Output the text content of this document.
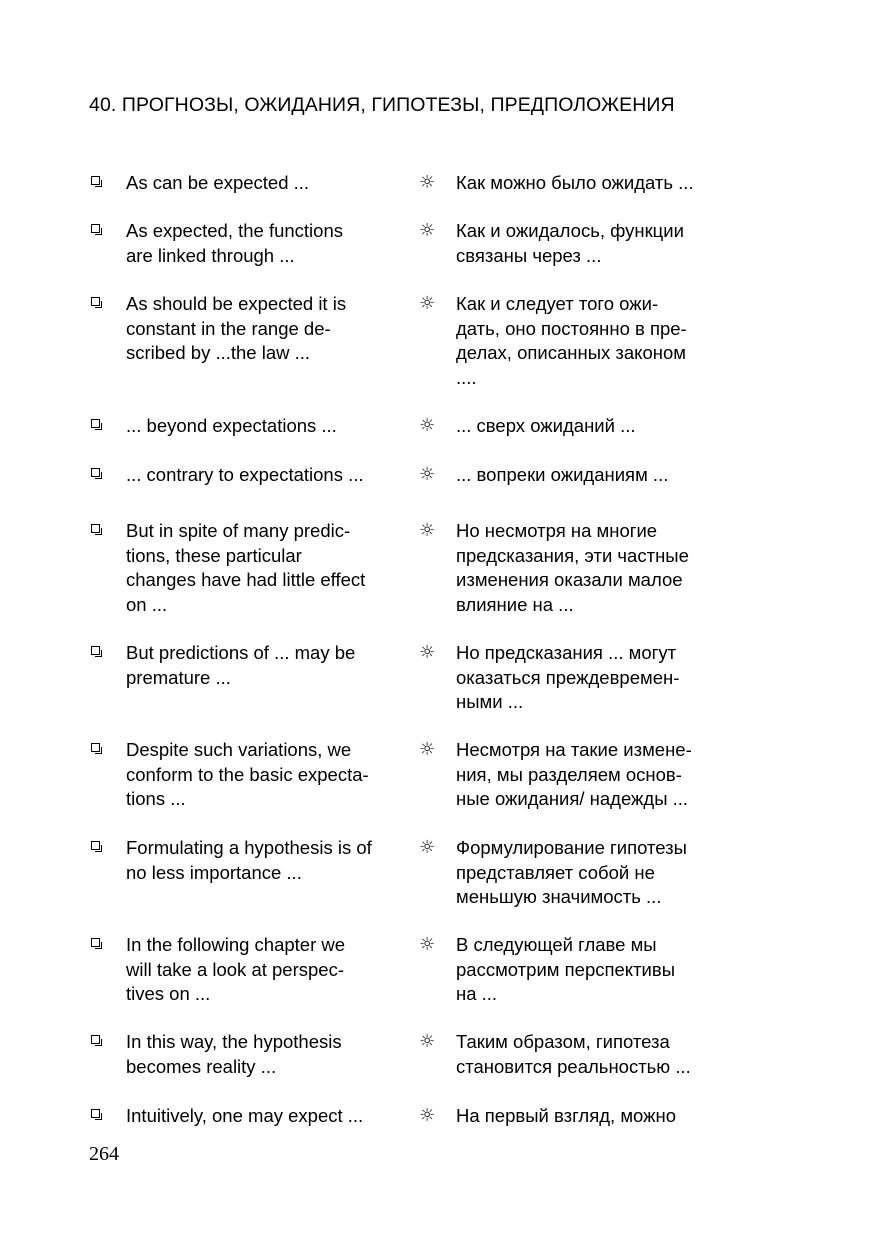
40. ПРОГНОЗЫ, ОЖИДАНИЯ, ГИПОТЕЗЫ, ПРЕДПОЛОЖЕНИЯ
As can be expected ...	☼ Как можно было ожидать ...
As expected, the functions
are linked through ...
☼ Как и ожидалось, функции
связаны через ...
As should be expected it is
constant in the range de-
scribed by ...the law ...
☼ Как и следует того ожи-
дать, оно постоянно в пре-
делах, описанных законом
....
... beyond expectations ...	☼ ... сверх ожиданий ...
... contrary to expectations ...	☼ ... вопреки ожиданиям ...
But in spite of many predic-
tions, these particular
changes have had little effect
on ...
☼ Но несмотря на многие
предсказания, эти частные
изменения оказали малое
влияние на ...
But predictions of ... may be
premature ...
☼ Но предсказания ... могут
оказаться преждевремен-
ными ...
Despite such variations, we
conform to the basic expecta-
tions ...
☼ Несмотря на такие измене-
ния, мы разделяем основ-
ные ожидания/ надежды ...
Formulating a hypothesis is of
no less importance ...
☼ Формулирование гипотезы
представляет собой не
меньшую значимость ...
In the following chapter we
will take a look at perspec-
tives on ...
☼ В следующей главе мы
рассмотрим перспективы
на ...
In this way, the hypothesis
becomes reality ...
☼ Таким образом, гипотеза
становится реальностью ...
Intuitively, one may expect ...	☼ На первый взгляд, можно
264
